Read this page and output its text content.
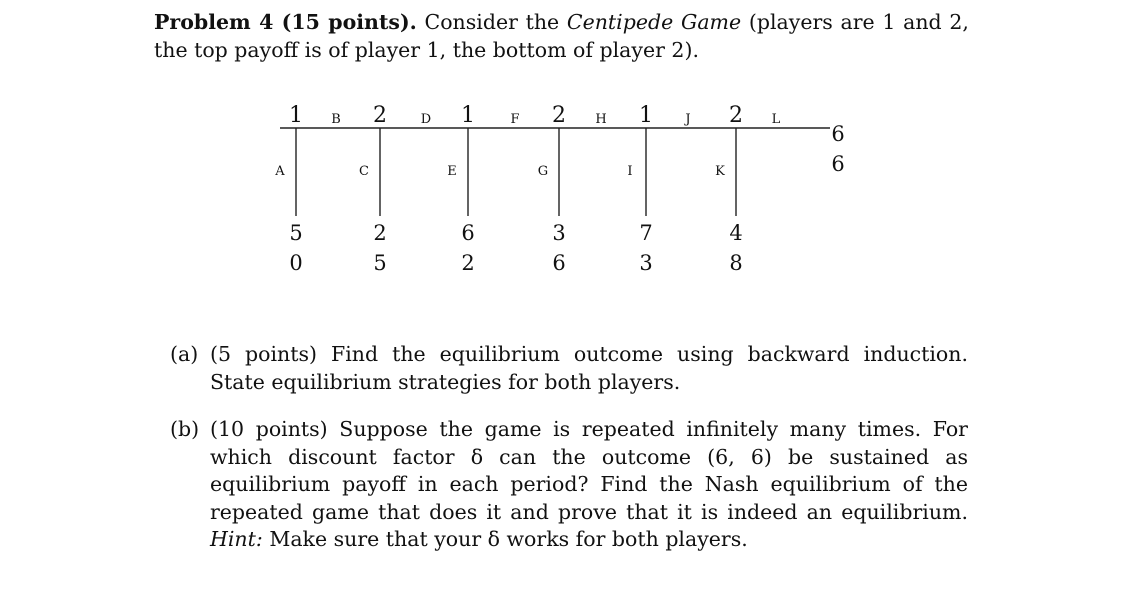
Problem 4 (15 points). Consider the Centipede Game (players are 1 and 2, the top payoff is of player 1, the bottom of player 2).
1
A
5
0
2
C
2
5
1
E
6
2
2
G
3
6
1
I
7
3
2
K
4
8
B	D	F	H	J	L
6
6
(a) (5 points) Find the equilibrium outcome using backward induction. State equilibrium strategies for both players.
(b) (10 points) Suppose the game is repeated infinitely many times. For which discount factor δ can the outcome (6, 6) be sustained as equilibrium payoff in each period? Find the Nash equilibrium of the repeated game that does it and prove that it is indeed an equilibrium. Hint: Make sure that your δ works for both players.
